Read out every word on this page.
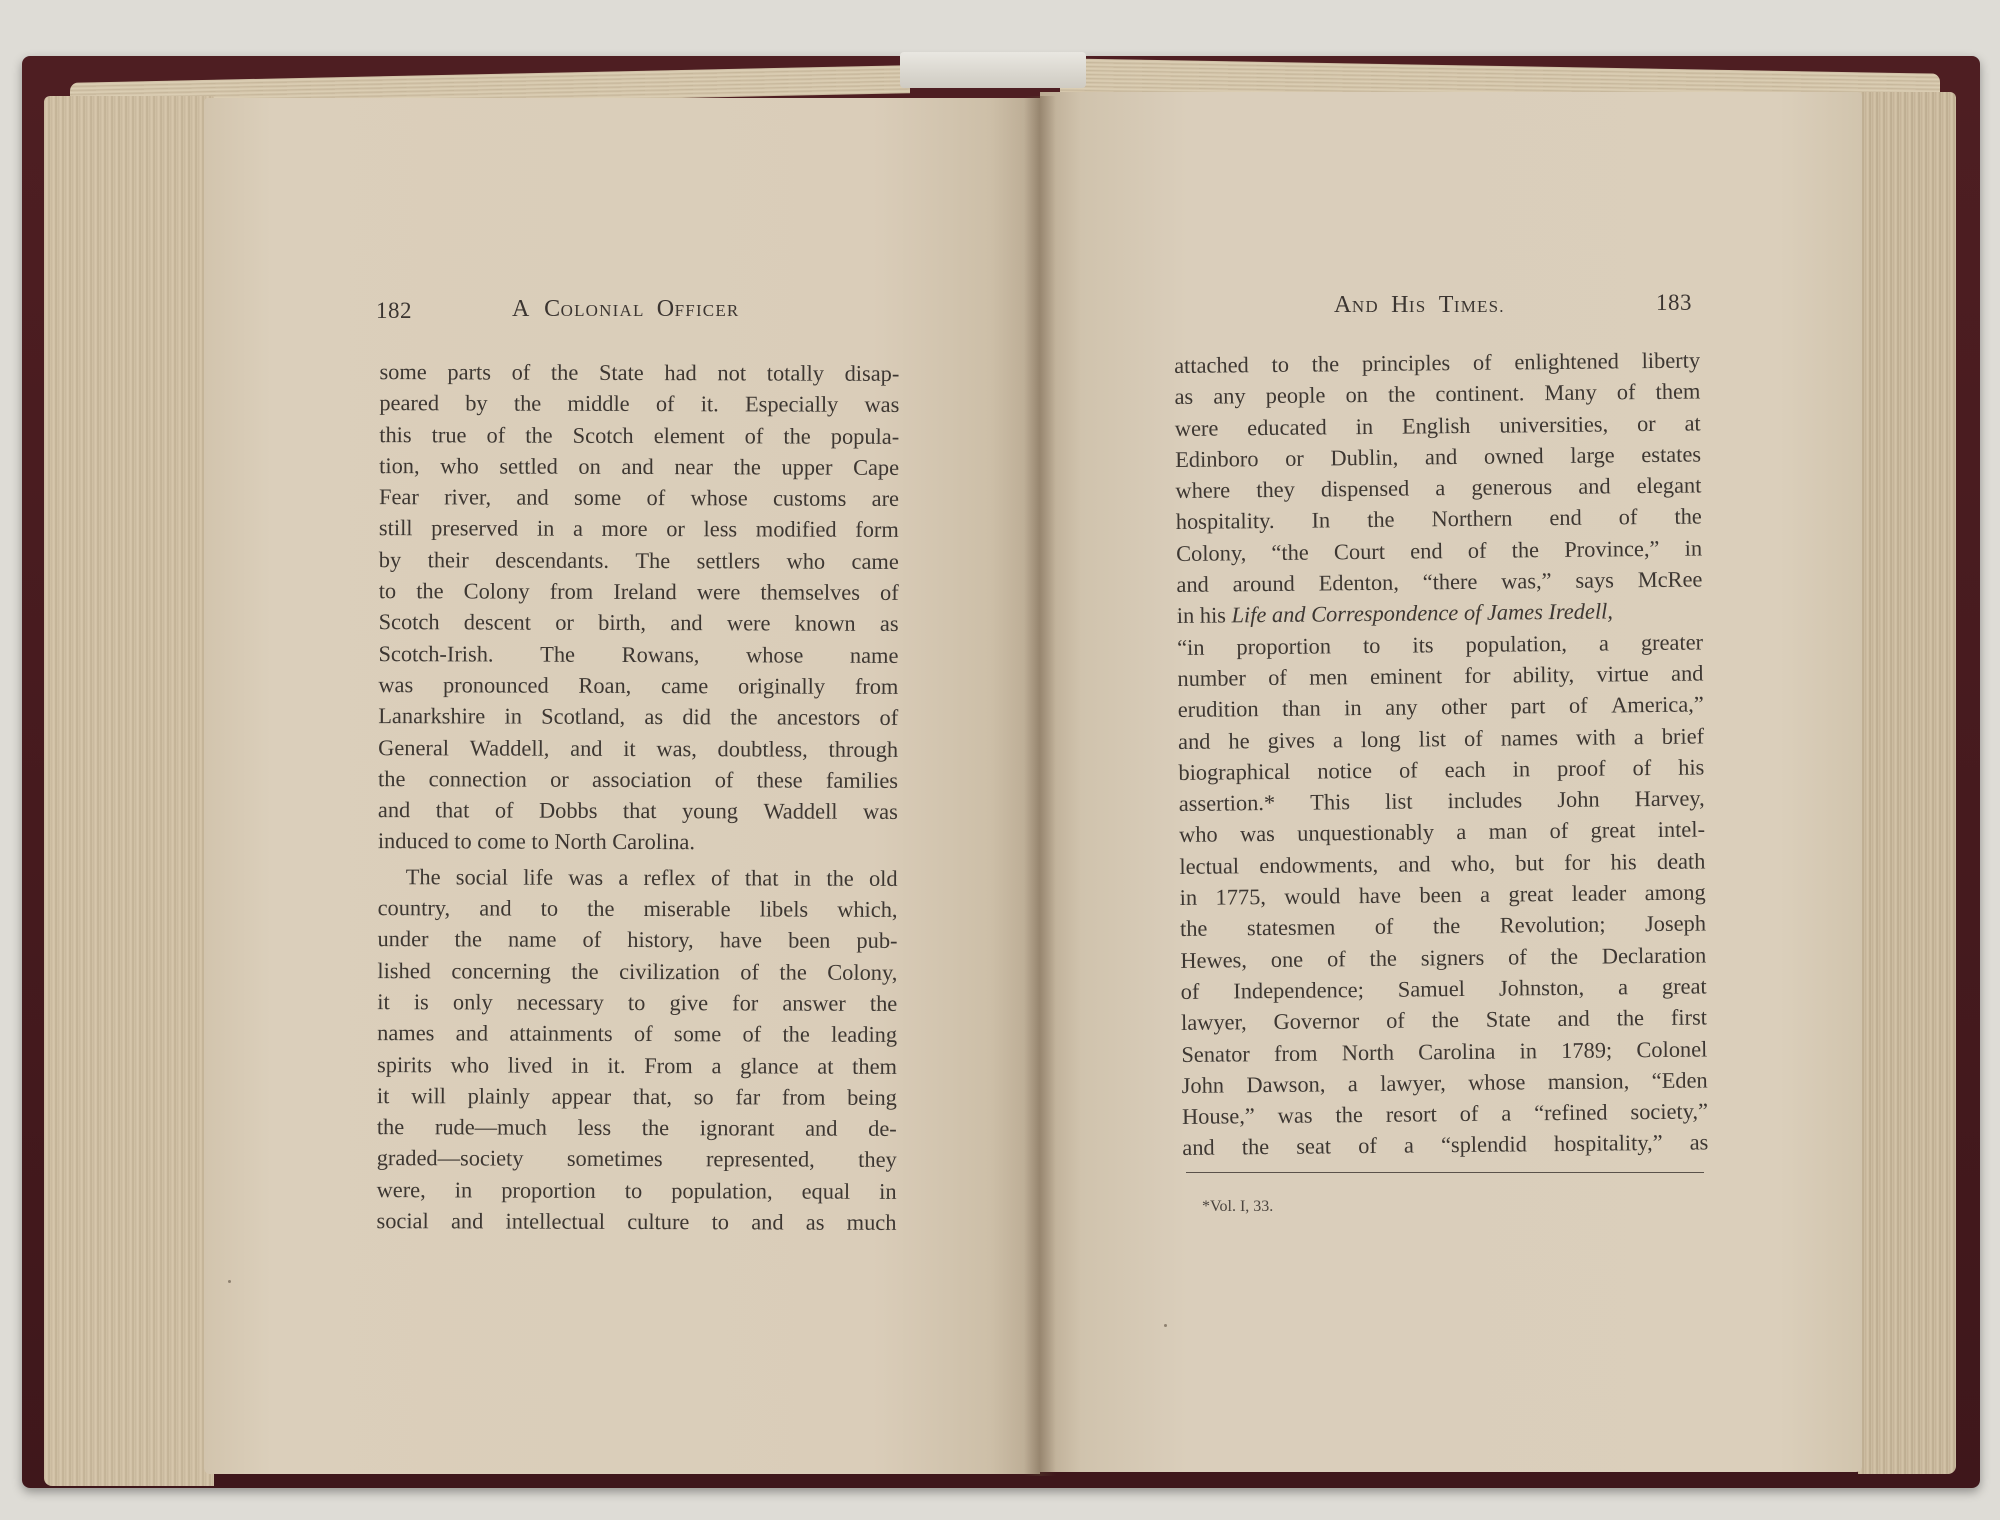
182	A COLONIAL OFFICER
some parts of the State had not totally disap-
peared by the middle of it. Especially was
this true of the Scotch element of the popula-
tion, who settled on and near the upper Cape
Fear river, and some of whose customs are
still preserved in a more or less modified form
by their descendants. The settlers who came
to the Colony from Ireland were themselves of
Scotch descent or birth, and were known as
Scotch-Irish. The Rowans, whose name
was pronounced Roan, came originally from
Lanarkshire in Scotland, as did the ancestors of
General Waddell, and it was, doubtless, through
the connection or association of these families
and that of Dobbs that young Waddell was
induced to come to North Carolina.
The social life was a reflex of that in the old
country, and to the miserable libels which,
under the name of history, have been pub-
lished concerning the civilization of the Colony,
it is only necessary to give for answer the
names and attainments of some of the leading
spirits who lived in it. From a glance at them
it will plainly appear that, so far from being
the rude—much less the ignorant and de-
graded—society sometimes represented, they
were, in proportion to population, equal in
social and intellectual culture to and as much
AND HIS TIMES.	183
attached to the principles of enlightened liberty
as any people on the continent. Many of them
were educated in English universities, or at
Edinboro or Dublin, and owned large estates
where they dispensed a generous and elegant
hospitality. In the Northern end of the
Colony, “the Court end of the Province,” in
and around Edenton, “there was,” says McRee
in his Life and Correspondence of James Iredell,
“in proportion to its population, a greater
number of men eminent for ability, virtue and
erudition than in any other part of America,”
and he gives a long list of names with a brief
biographical notice of each in proof of his
assertion.* This list includes John Harvey,
who was unquestionably a man of great intel-
lectual endowments, and who, but for his death
in 1775, would have been a great leader among
the statesmen of the Revolution; Joseph
Hewes, one of the signers of the Declaration
of Independence; Samuel Johnston, a great
lawyer, Governor of the State and the first
Senator from North Carolina in 1789; Colonel
John Dawson, a lawyer, whose mansion, “Eden
House,” was the resort of a “refined society,”
and the seat of a “splendid hospitality,” as
*Vol. I, 33.
